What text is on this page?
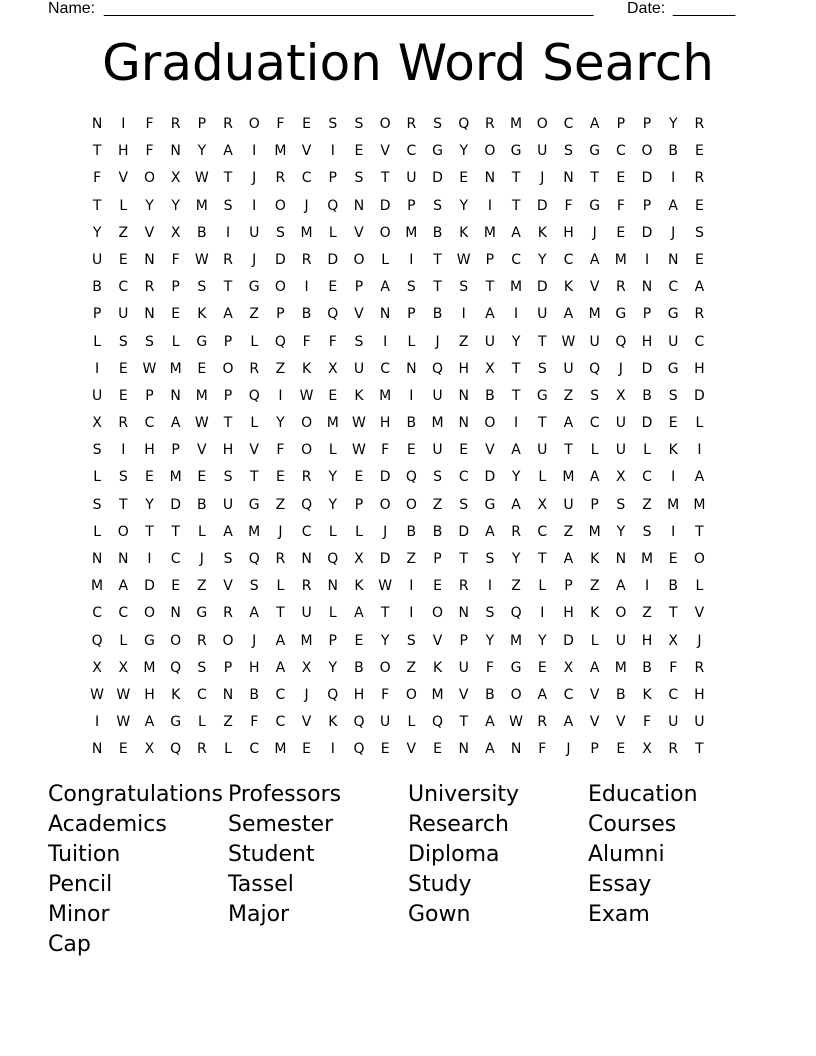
Name: _______________________________________________________ Date: _______
Graduation Word Search
N	I	F	R	P	R	O	F	E	S	S	O	R	S	Q	R	M	O	C	A	P	P	Y	R
T	H	F	N	Y	A	I	M	V	I	E	V	C	G	Y	O	G	U	S	G	C	O	B	E
F	V	O	X	W	T	J	R	C	P	S	T	U	D	E	N	T	J	N	T	E	D	I	R
T	L	Y	Y	M	S	I	O	J	Q	N	D	P	S	Y	I	T	D	F	G	F	P	A	E
Y	Z	V	X	B	I	U	S	M	L	V	O	M	B	K	M	A	K	H	J	E	D	J	S
U	E	N	F	W	R	J	D	R	D	O	L	I	T	W	P	C	Y	C	A	M	I	N	E
B	C	R	P	S	T	G	O	I	E	P	A	S	T	S	T	M	D	K	V	R	N	C	A
P	U	N	E	K	A	Z	P	B	Q	V	N	P	B	I	A	I	U	A	M	G	P	G	R
L	S	S	L	G	P	L	Q	F	F	S	I	L	J	Z	U	Y	T	W	U	Q	H	U	C
I	E	W M	E	O	R	Z	K	X	U	C	N	Q	H	X	T	S	U	Q	J	D	G	H
U	E	P	N	M	P	Q	I	W	E	K	M	I	U	N	B	T	G	Z	S	X	B	S	D
X	R	C	A	W	T	L	Y	O	M W	H	B	M	N	O	I	T	A	C	U	D	E	L
S	I	H	P	V	H	V	F	O	L	W	F	E	U	E	V	A	U	T	L	U	L	K	I
L	S	E	M	E	S	T	E	R	Y	E	D	Q	S	C	D	Y	L	M	A	X	C	I	A
S	T	Y	D	B	U	G	Z	Q	Y	P	O	O	Z	S	G	A	X	U	P	S	Z	M	M
L	O	T	T	L	A	M	J	C	L	L	J	B	B	D	A	R	C	Z	M	Y	S	I	T
N	N	I	C	J	S	Q	R	N	Q	X	D	Z	P	T	S	Y	T	A	K	N	M	E	O
M	A	D	E	Z	V	S	L	R	N	K	W	I	E	R	I	Z	L	P	Z	A	I	B	L
C	C	O	N	G	R	A	T	U	L	A	T	I	O	N	S	Q	I	H	K	O	Z	T	V
Q	L	G	O	R	O	J	A	M	P	E	Y	S	V	P	Y	M	Y	D	L	U	H	X	J
X	X	M	Q	S	P	H	A	X	Y	B	O	Z	K	U	F	G	E	X	A	M	B	F	R
W W	H	K	C	N	B	C	J	Q	H	F	O	M	V	B	O	A	C	V	B	K	C	H
I	W	A	G	L	Z	F	C	V	K	Q	U	L	Q	T	A	W	R	A	V	V	F	U	U
N	E	X	Q	R	L	C	M	E	I	Q	E	V	E	N	A	N	F	J	P	E	X	R	T
Congratulations Professors	University	Education
Academics	Semester	Research	Courses
Tuition	Student	Diploma	Alumni
Pencil	Tassel	Study	Essay
Minor	Major	Gown	Exam
Cap
